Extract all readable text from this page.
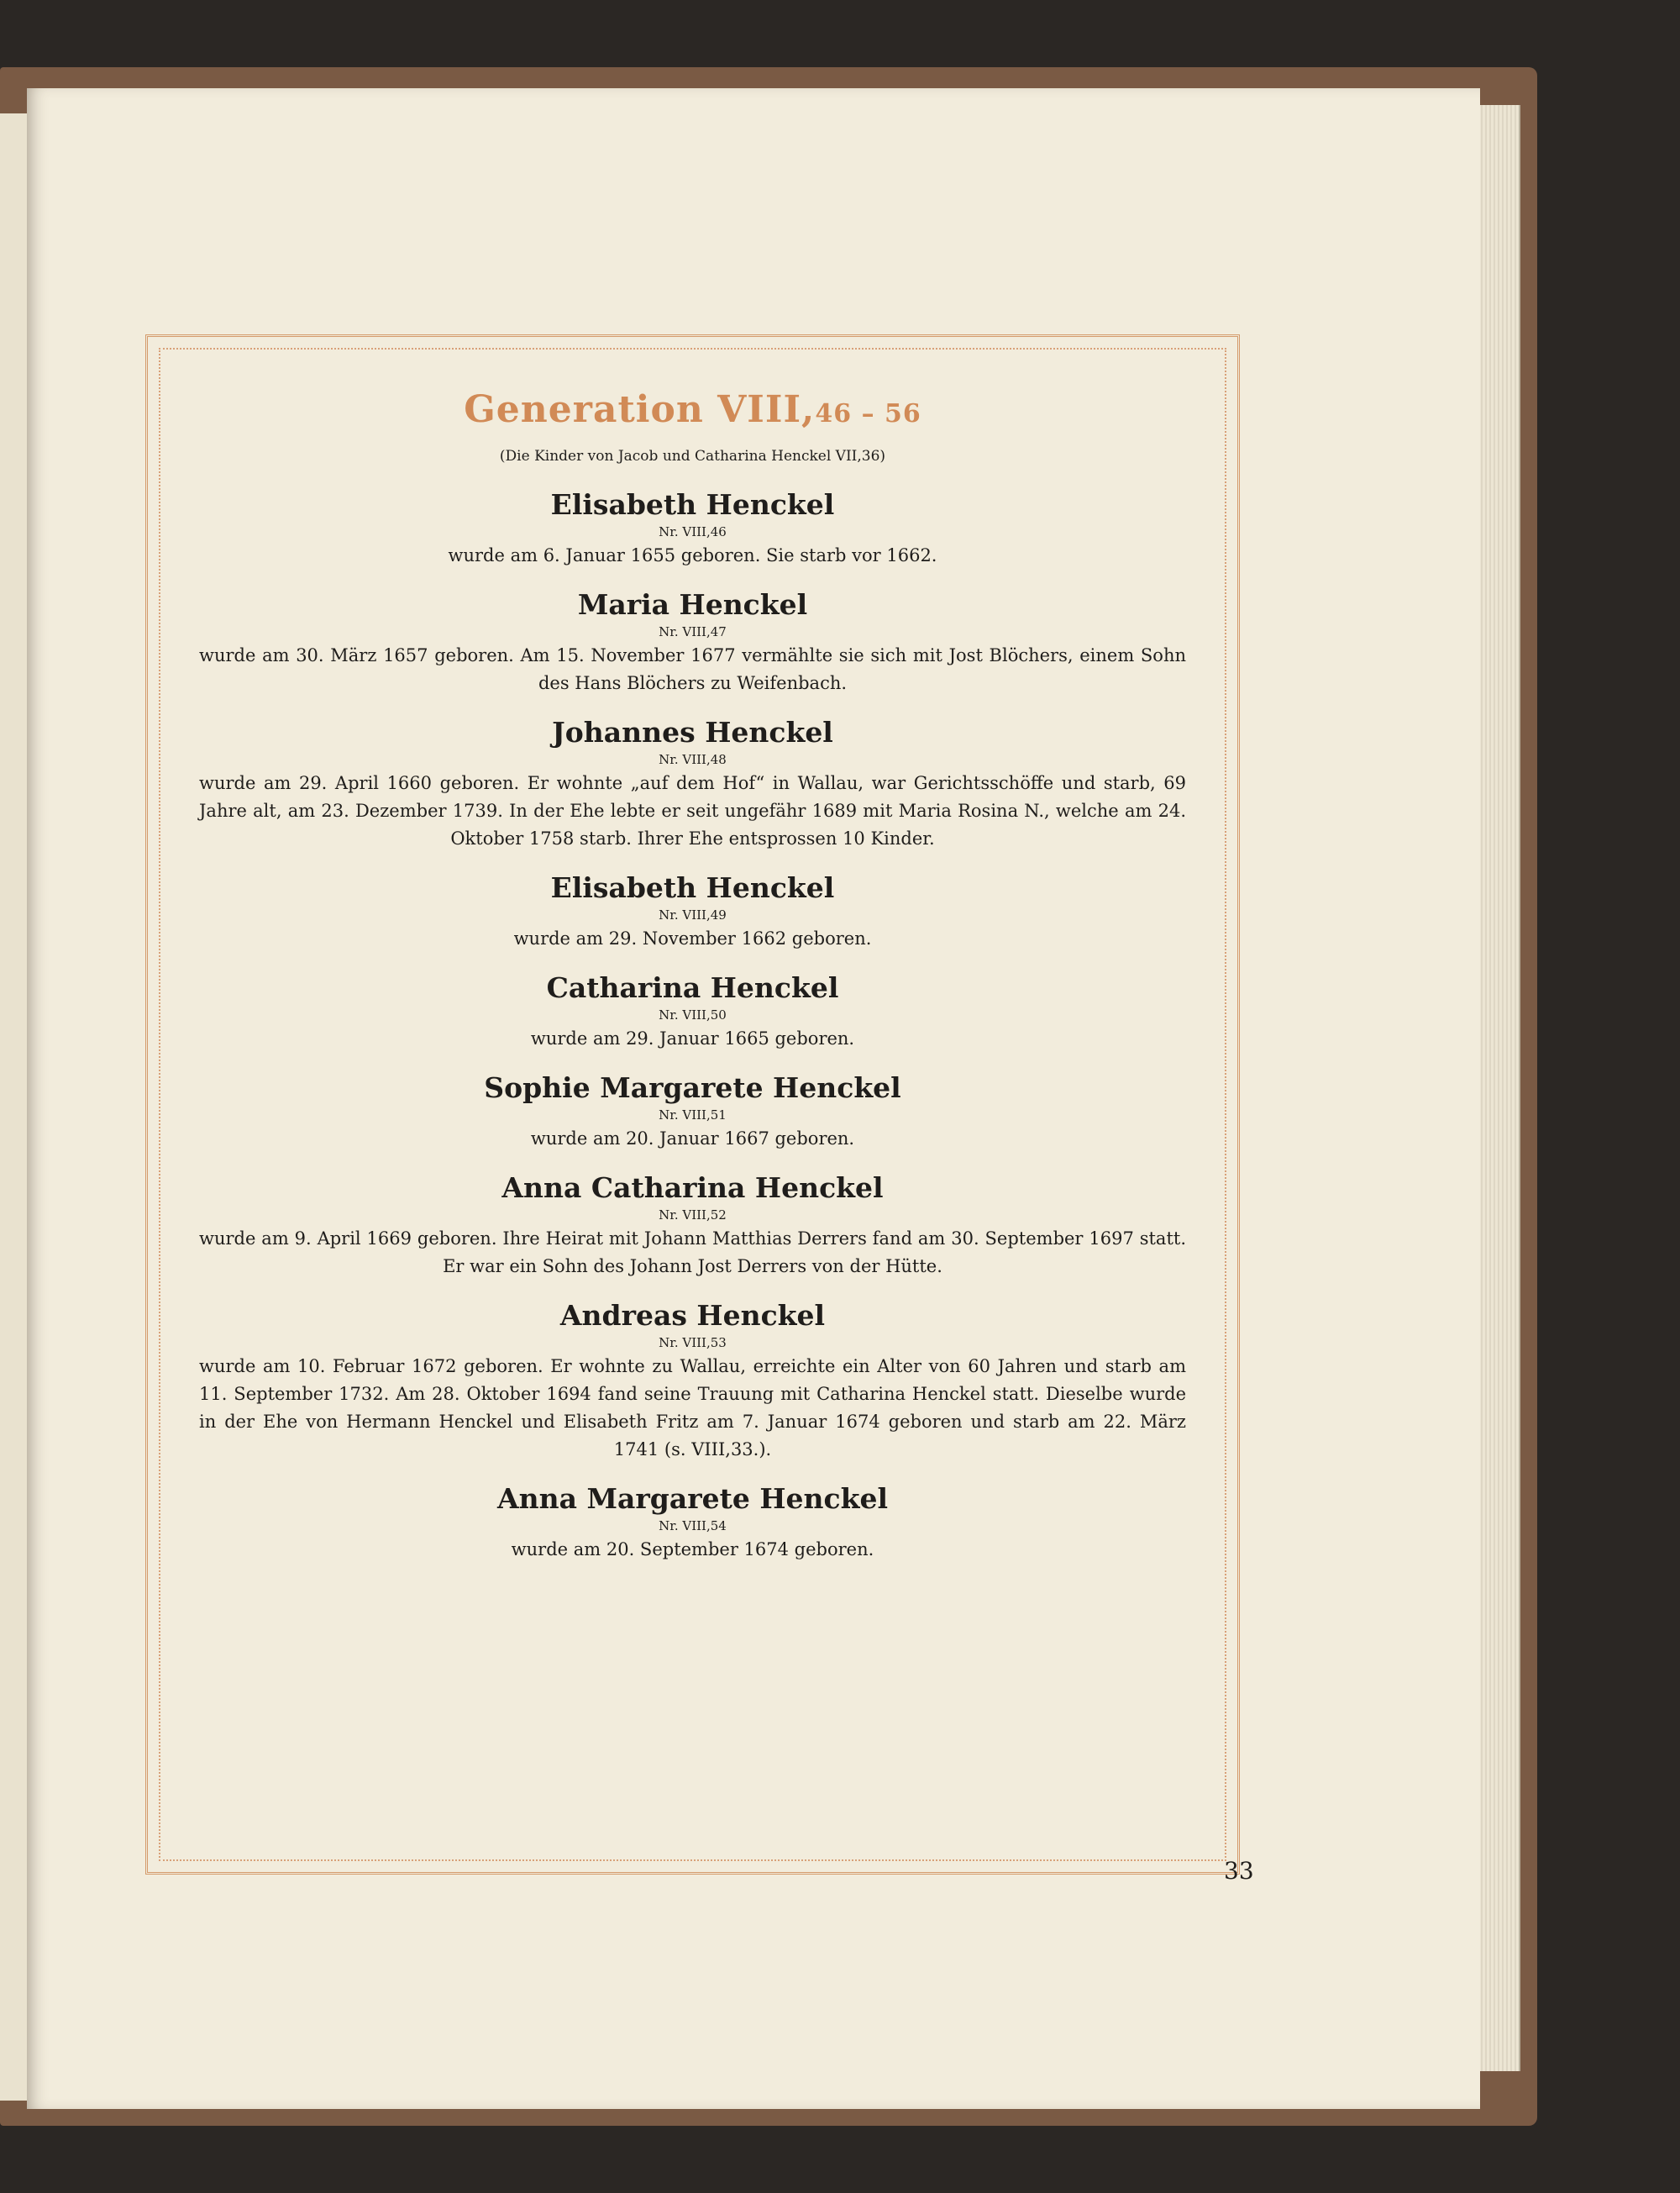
Generation VIII,46 – 56
(Die Kinder von Jacob und Catharina Henckel VII,36)
Elisabeth Henckel
Nr. VIII,46
wurde am 6. Januar 1655 geboren. Sie starb vor 1662.
Maria Henckel
Nr. VIII,47
wurde am 30. März 1657 geboren. Am 15. November 1677 vermählte sie sich mit Jost Blöchers, einem Sohn des Hans Blöchers zu Weifenbach.
Johannes Henckel
Nr. VIII,48
wurde am 29. April 1660 geboren. Er wohnte „auf dem Hof“ in Wallau, war Gerichtsschöffe und starb, 69 Jahre alt, am 23. Dezember 1739. In der Ehe lebte er seit ungefähr 1689 mit Maria Rosina N., welche am 24. Oktober 1758 starb. Ihrer Ehe entsprossen 10 Kinder.
Elisabeth Henckel
Nr. VIII,49
wurde am 29. November 1662 geboren.
Catharina Henckel
Nr. VIII,50
wurde am 29. Januar 1665 geboren.
Sophie Margarete Henckel
Nr. VIII,51
wurde am 20. Januar 1667 geboren.
Anna Catharina Henckel
Nr. VIII,52
wurde am 9. April 1669 geboren. Ihre Heirat mit Johann Matthias Derrers fand am 30. September 1697 statt. Er war ein Sohn des Johann Jost Derrers von der Hütte.
Andreas Henckel
Nr. VIII,53
wurde am 10. Februar 1672 geboren. Er wohnte zu Wallau, erreichte ein Alter von 60 Jahren und starb am 11. September 1732. Am 28. Oktober 1694 fand seine Trauung mit Catharina Henckel statt. Dieselbe wurde in der Ehe von Hermann Henckel und Elisabeth Fritz am 7. Januar 1674 geboren und starb am 22. März 1741 (s. VIII,33.).
Anna Margarete Henckel
Nr. VIII,54
wurde am 20. September 1674 geboren.
33
